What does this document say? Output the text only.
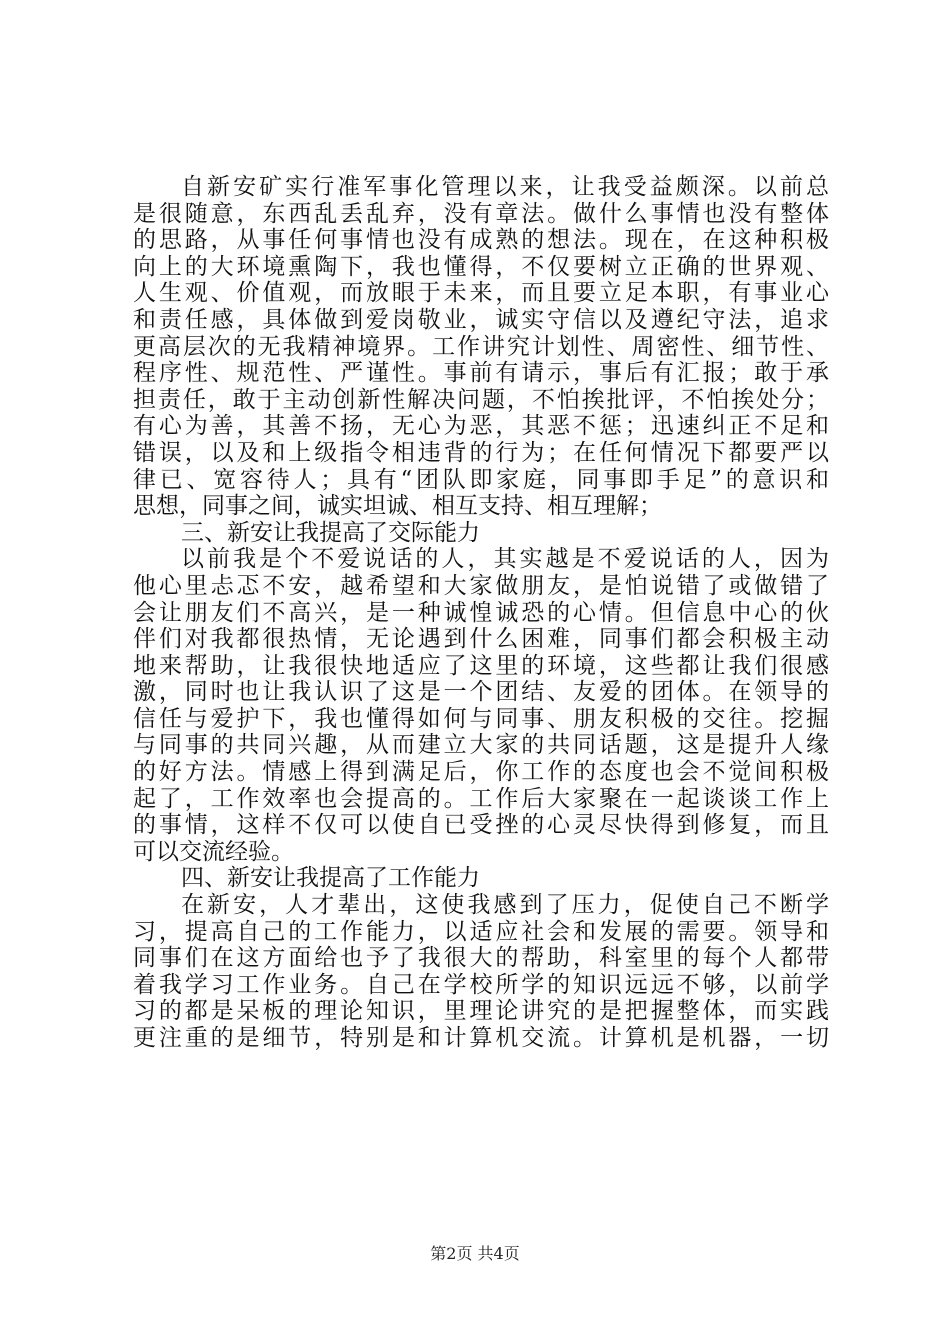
自新安矿实行准军事化管理以来，让我受益颇深。以前总
是很随意，东西乱丢乱弃，没有章法。做什么事情也没有整体
的思路，从事任何事情也没有成熟的想法。现在，在这种积极
向上的大环境熏陶下，我也懂得，不仅要树立正确的世界观、
人生观、价值观，而放眼于未来，而且要立足本职，有事业心
和责任感，具体做到爱岗敬业，诚实守信以及遵纪守法，追求
更高层次的无我精神境界。工作讲究计划性、周密性、细节性、
程序性、规范性、严谨性。事前有请示，事后有汇报；敢于承
担责任，敢于主动创新性解决问题，不怕挨批评，不怕挨处分；
有心为善，其善不扬，无心为恶，其恶不惩；迅速纠正不足和
错误，以及和上级指令相违背的行为；在任何情况下都要严以
律已、宽容待人；具有“团队即家庭，同事即手足”的意识和
思想，同事之间，诚实坦诚、相互支持、相互理解；
三、新安让我提高了交际能力
以前我是个不爱说话的人，其实越是不爱说话的人，因为
他心里忐忑不安，越希望和大家做朋友，是怕说错了或做错了
会让朋友们不高兴，是一种诚惶诚恐的心情。但信息中心的伙
伴们对我都很热情，无论遇到什么困难，同事们都会积极主动
地来帮助，让我很快地适应了这里的环境，这些都让我们很感
激，同时也让我认识了这是一个团结、友爱的团体。在领导的
信任与爱护下，我也懂得如何与同事、朋友积极的交往。挖掘
与同事的共同兴趣，从而建立大家的共同话题，这是提升人缘
的好方法。情感上得到满足后，你工作的态度也会不觉间积极
起了，工作效率也会提高的。工作后大家聚在一起谈谈工作上
的事情，这样不仅可以使自已受挫的心灵尽快得到修复，而且
可以交流经验。
四、新安让我提高了工作能力
在新安，人才辈出，这使我感到了压力，促使自己不断学
习，提高自己的工作能力，以适应社会和发展的需要。领导和
同事们在这方面给也予了我很大的帮助，科室里的每个人都带
着我学习工作业务。自己在学校所学的知识远远不够，以前学
习的都是呆板的理论知识，里理论讲究的是把握整体，而实践
更注重的是细节，特别是和计算机交流。计算机是机器，一切
第2页 共4页
